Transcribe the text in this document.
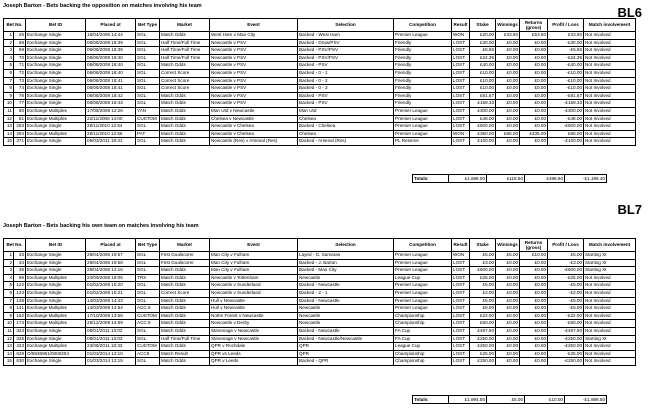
Joseph Barton - Bets backing the opposition on matches involving his team	BL6
Bet No.		Bet ID	Placed at	Bet Type	Market	Event	Selection	Competition	Result	Stake	Winnings	Returns (gross)	Profit / Loss	Match involvement
1	25	Exchange Single	15/04/2006 14:44	SGL	Match Odds	West Ham v Man City	Backed - West Ham	Premier League	WON	£20.00	£33.60	£53.60	£33.60	Not Involved
2	68	Exchange Single	06/08/2008 18:39	SGL	Half Time/Full Time	Newcastle v PSV	Backed - Draw/PSV	Friendly	LOST	£30.00	£0.00	£0.00	-£30.00	Not Involved
3	69	Exchange Single	06/08/2008 18:39	SGL	Half Time/Full Time	Newcastle v PSV	Backed - PSV/PSV	Friendly	LOST	£5.65	£0.00	£0.00	-£5.65	Not Involved
4	70	Exchange Single	06/08/2008 18:40	SGL	Half Time/Full Time	Newcastle v PSV	Backed - PSV/PSV	Friendly	LOST	£24.35	£0.00	£0.00	-£24.35	Not Involved
5	71	Exchange Single	06/08/2008 18:40	SGL	Match Odds	Newcastle v PSV	Backed - PSV	Friendly	LOST	£40.00	£0.00	£0.00	-£40.00	Not Involved
6	72	Exchange Single	06/08/2008 18:40	SGL	Correct Score	Newcastle v PSV	Backed - 0 - 1	Friendly	LOST	£10.00	£0.00	£0.00	-£10.00	Not Involved
7	73	Exchange Single	06/08/2008 18:41	SGL	Correct Score	Newcastle v PSV	Backed - 0 - 2	Friendly	LOST	£10.00	£0.00	£0.00	-£10.00	Not Involved
8	74	Exchange Single	06/08/2008 18:41	SGL	Correct Score	Newcastle v PSV	Backed - 0 - 3	Friendly	LOST	£10.00	£0.00	£0.00	-£10.00	Not Involved
9	76	Exchange Single	06/08/2008 18:42	SGL	Match Odds	Newcastle v PSV	Backed - PSV	Friendly	LOST	£81.67	£0.00	£0.00	-£81.67	Not Involved
10	77	Exchange Single	06/08/2008 18:43	SGL	Match Odds	Newcastle v PSV	Backed - PSV	Friendly	LOST	£158.33	£0.00	£0.00	-£158.33	Not Involved
11	80	Exchange Multiples	17/08/2008 12:26	YAN	Match Odds	Man Utd v Newcastle	Man Utd	Premier League	LOST	£300.00	£0.00	£0.00	-£300.00	Not Involved
12	81	Exchange Multiples	22/11/2008 14:00	CUSTOM	Match Odds	Chelsea v Newcastle	Chelsea	Premier League	LOST	£48.00	£0.00	£0.00	-£48.00	Not Involved
13	293	Exchange Single	28/11/2010 12:54	SGL	Match Odds	Newcastle v Chelsea	Backed - Chelsea	Premier League	LOST	£500.00	£0.00	£0.00	-£500.00	Not Involved
14	294	Exchange Multiples	28/11/2010 12:55	PAT	Match Odds	Newcastle v Chelsea	Chelsea	Premier League	WON	£350.00	£85.00	£435.00	£85.00	Not Involved
15	371	Exchange Single	09/03/2011 19:31	SGL	Match Odds	Newcastle (Res) v Arsenal (Res)	Backed - Arsenal (Res)	PL Reserve	LOST	£100.00	£0.00	£0.00	-£100.00	Not Involved
Totals:	£1,688.00	£118.60	£488.60	-£1,199.40
BL7
Joseph Barton - Bets backing his own team on matches involving his team
Bet No.		Bet ID	Placed at	Bet Type	Market	Event	Selection	Competition	Result	Stake	Winnings	Returns (gross)	Profit / Loss	Match involvement
1	33	Exchange Single	28/04/2006 19:57	SGL	First Goalscorer	Man City v Fulham	Layed - G. Samaras	Premier League	WON	£5.00	£5.00	£10.00	£5.00	Starting XI
2	34	Exchange Single	28/04/2006 19:58	SGL	First Goalscorer	Man City v Fulham	Backed - J. Barton	Premier League	LOST	£3.00	£0.00	£0.00	-£3.00	Starting XI
3	35	Exchange Single	29/04/2006 12:16	SGL	Match Odds	Man City v Fulham	Backed - Man City	Premier League	LOST	£600.00	£0.00	£0.00	-£600.00	Starting XI
4	95	Exchange Multiples	24/09/2008 18:05	TRX	Match Odds	Newcastle v Tottenham	Newcastle	League Cup	LOST	£25.00	£0.00	£0.00	-£25.00	Not Involved
5	122	Exchange Single	01/02/2009 15:20	SGL	Match Odds	Newcastle v Sunderland	Backed - Newcastle	Premier League	LOST	£5.00	£0.00	£0.00	-£5.00	Not Involved
6	123	Exchange Single	01/02/2009 15:21	SGL	Correct Score	Newcastle v Sunderland	Backed - 2 - 1	Premier League	LOST	£2.00	£0.00	£0.00	-£2.00	Not Involved
7	138	Exchange Single	14/03/2009 14:43	SGL	Match Odds	Hull v Newcastle	Backed - Newcastle	Premier League	LOST	£5.00	£0.00	£0.00	-£5.00	Not Involved
8	141	Exchange Multiples	14/03/2009 14:54	ACC 6	Match Odds	Hull v Newcastle	Newcastle	Premier League	LOST	£5.00	£0.00	£0.00	-£5.00	Not Involved
9	162	Exchange Multiples	17/10/2009 13:56	CUSTOM	Match Odds	Nottm Forest v Newcastle	Newcastle	Championship	LOST	£22.00	£0.00	£0.00	-£22.00	Not Involved
10	174	Exchange Multiples	28/12/2009 14:59	ACC 8	Match Odds	Newcastle v Derby	Newcastle	Championship	LOST	£50.00	£0.00	£0.00	-£50.00	Not Involved
11	324	Exchange Single	08/01/2011 13:02	SGL	Match Odds	Stevenage v Newcastle	Backed - Newcastle	FA Cup	LOST	£497.50	£0.00	£0.00	-£497.50	Not Involved
12	325	Exchange Single	08/01/2011 13:03	SGL	Half Time/Full Time	Stevenage v Newcastle	Backed - Newcastle/Newcastle	FA Cup	LOST	£250.00	£0.00	£0.00	-£250.00	Starting XI
13	423	Exchange Multiples	23/08/2011 18:33	CUSTOM	Match Odds	QPR v Rochdale	QPR	League Cup	LOST	£250.00	£0.00	£0.00	-£250.00	Not Involved
14	629	O/5936961/0000204	01/03/2014 12:10	ACC9	Match Result	QPR vs Leeds	QPR	Championship	LOST	£25.00	£0.00	£0.00	-£25.00	Not Involved
15	630	Exchange Single	01/03/2014 12:15	SGL	Match Odds	QPR v Leeds	Backed - QPR	Championship	LOST	£250.00	£0.00	£0.00	-£250.00	Not Involved
Totals:	£1,994.50	£5.00	£10.00	-£1,989.50
